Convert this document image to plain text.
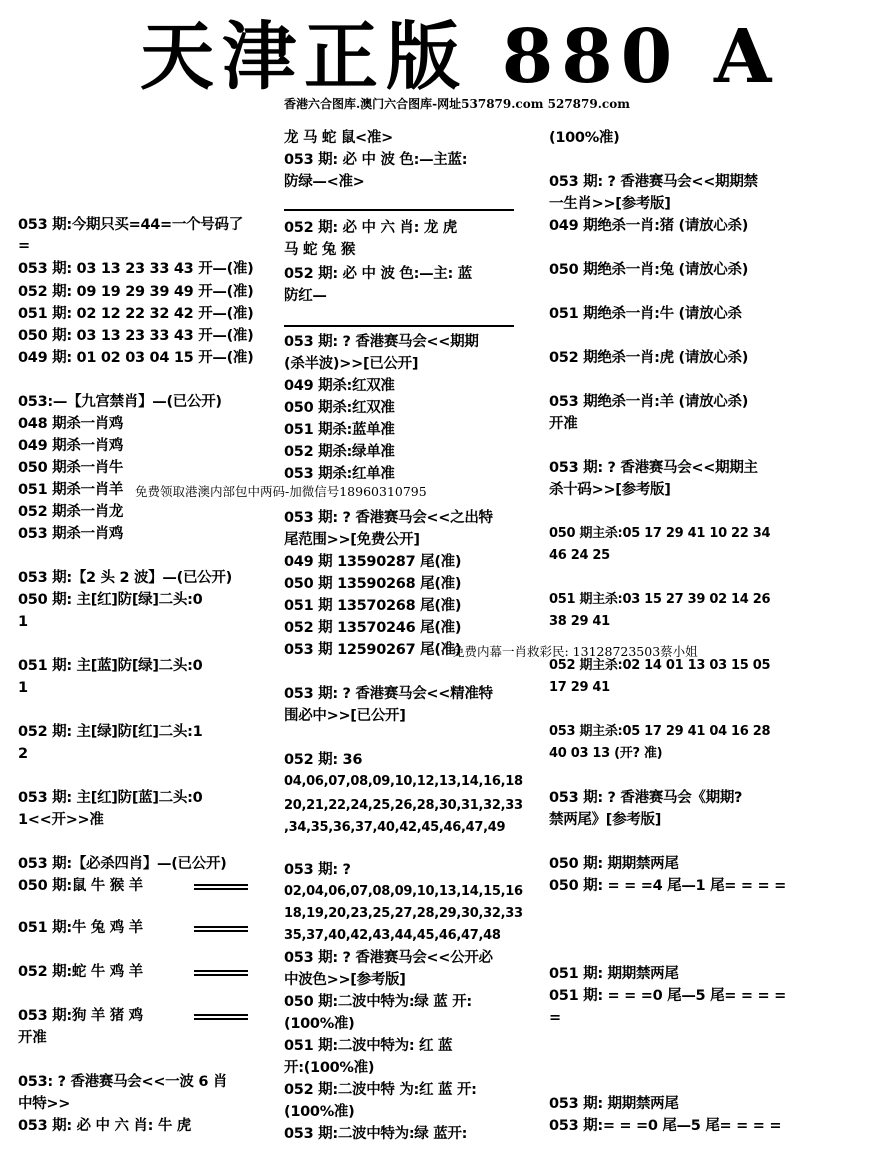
天津正版 880 A
香港六合图库.澳门六合图库-网址537879.com 527879.com
053 期:今期只买=44=一个号码了
=
053 期: 03 13 23 33 43 开—(准)
052 期: 09 19 29 39 49 开—(准)
051 期: 02 12 22 32 42 开—(准)
050 期: 03 13 23 33 43 开—(准)
049 期: 01 02 03 04 15 开—(准)
053:—【九宫禁肖】—(已公开)
048 期杀一肖鸡
049 期杀一肖鸡
050 期杀一肖牛
051 期杀一肖羊
052 期杀一肖龙
053 期杀一肖鸡
053 期:【2 头 2 波】—(已公开)
050 期: 主[红]防[绿]二头:0
1
051 期: 主[蓝]防[绿]二头:0
1
052 期: 主[绿]防[红]二头:1
2
053 期: 主[红]防[蓝]二头:0
1<<开>>准
053 期:【必杀四肖】—(已公开)
050 期:鼠 牛 猴 羊
051 期:牛 兔 鸡 羊
052 期:蛇 牛 鸡 羊
053 期:狗 羊 猪 鸡
开准
053: ? 香港赛马会<<一波 6 肖
中特>>
053 期: 必 中 六 肖: 牛 虎
免费领取港澳内部包中两码-加微信号18960310795
龙 马 蛇 鼠<准>
053 期: 必 中 波 色:—主蓝:
防绿—<准>
052 期: 必 中 六 肖: 龙 虎
马 蛇 兔 猴
052 期: 必 中 波 色:—主: 蓝
防红—
053 期: ? 香港赛马会<<期期
(杀半波)>>[已公开]
049 期杀:红双准
050 期杀:红双准
051 期杀:蓝单准
052 期杀:绿单准
053 期杀:红单准
053 期: ? 香港赛马会<<之出特
尾范围>>[免费公开]
049 期 13590287 尾(准)
050 期 13590268 尾(准)
051 期 13570268 尾(准)
052 期 13570246 尾(准)
053 期 12590267 尾(准)
053 期: ? 香港赛马会<<精准特
围必中>>[已公开]
052 期: 36
04,06,07,08,09,10,12,13,14,16,18
20,21,22,24,25,26,28,30,31,32,33
,34,35,36,37,40,42,45,46,47,49
053 期: ?
02,04,06,07,08,09,10,13,14,15,16
18,19,20,23,25,27,28,29,30,32,33
35,37,40,42,43,44,45,46,47,48
053 期: ? 香港赛马会<<公开必
中波色>>[参考版]
050 期:二波中特为:绿 蓝 开:
(100%准)
051 期:二波中特为: 红 蓝
开:(100%准)
052 期:二波中特 为:红 蓝 开:
(100%准)
053 期:二波中特为:绿 蓝开:
免费内幕一肖救彩民: 13128723503蔡小姐
(100%准)
053 期: ? 香港赛马会<<期期禁
一生肖>>[参考版]
049 期绝杀一肖:猪 (请放心杀)
050 期绝杀一肖:兔 (请放心杀)
051 期绝杀一肖:牛 (请放心杀
052 期绝杀一肖:虎 (请放心杀)
053 期绝杀一肖:羊 (请放心杀)
开准
053 期: ? 香港赛马会<<期期主
杀十码>>[参考版]
050 期主杀:05 17 29 41 10 22 34
46 24 25
051 期主杀:03 15 27 39 02 14 26
38 29 41
052 期主杀:02 14 01 13 03 15 05
17 29 41
053 期主杀:05 17 29 41 04 16 28
40 03 13 (开? 准)
053 期: ? 香港赛马会《期期?
禁两尾》[参考版]
050 期: 期期禁两尾
050 期: = = =4 尾—1 尾= = = =
051 期: 期期禁两尾
051 期: = = =0 尾—5 尾= = = =
=
053 期: 期期禁两尾
053 期:= = =0 尾—5 尾= = = =
